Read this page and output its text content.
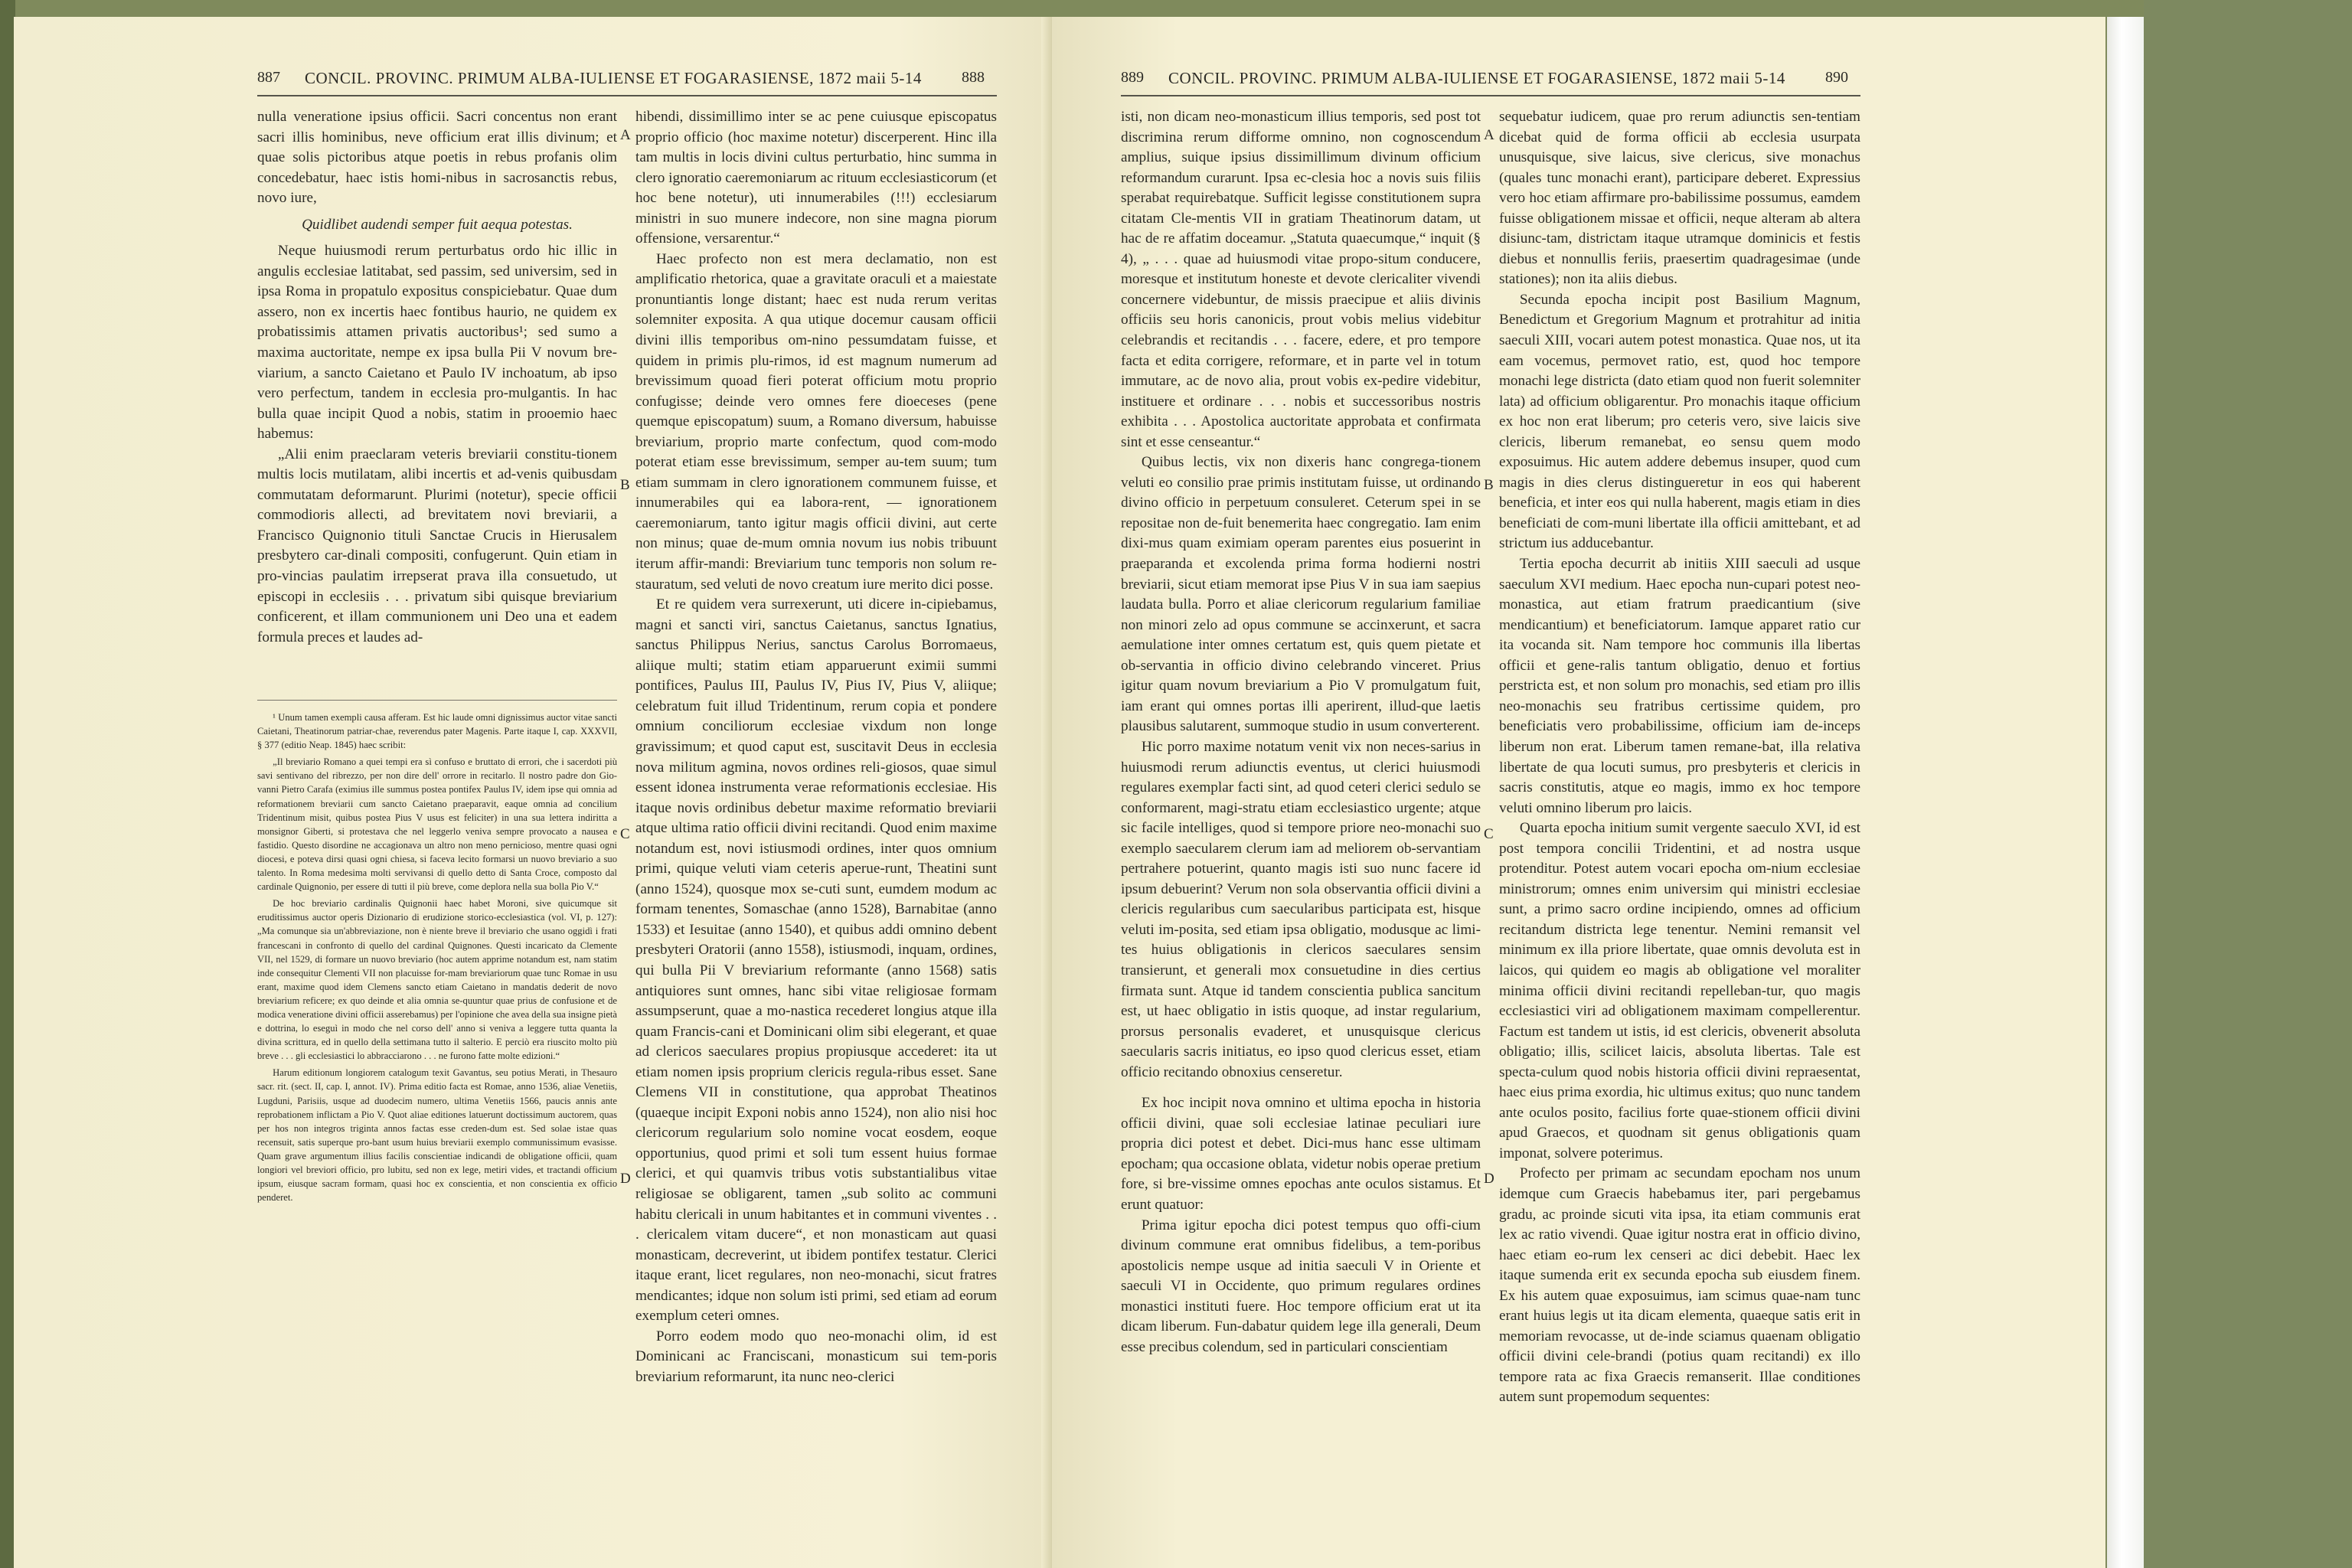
887 CONCIL. PROVINC. PRIMUM ALBA-IULIENSE ET FOGARASIENSE, 1872 maii 5-14	888

nulla veneratione ipsius officii. Sacri concentus non erant sacri illis hominibus, neve officium erat illis divinum; et quae solis pictoribus atque poetis in rebus profanis olim concedebatur, haec istis homi-nibus in sacrosanctis rebus, novo iure,

Quidlibet audendi semper fuit aequa potestas.

Neque huiusmodi rerum perturbatus ordo hic illic in angulis ecclesiae latitabat, sed passim, sed universim, sed in ipsa Roma in propatulo expositus conspiciebatur. Quae dum assero, non ex incertis haec fontibus haurio, ne quidem ex probatissimis attamen privatis auctoribus¹; sed sumo a maxima auctoritate, nempe ex ipsa bulla Pii V novum bre-viarium, a sancto Caietano et Paulo IV inchoatum, ab ipso vero perfectum, tandem in ecclesia pro-mulgantis. In hac bulla quae incipit Quod a nobis, statim in prooemio haec habemus:

„Alii enim praeclaram veteris breviarii constitu-tionem multis locis mutilatam, alibi incertis et ad-venis quibusdam commutatam deformarunt. Plurimi (notetur), specie officii commodioris allecti, ad brevitatem novi breviarii, a Francisco Quignonio tituli Sanctae Crucis in Hierusalem presbytero car-dinali compositi, confugerunt. Quin etiam in pro-vincias paulatim irrepserat prava illa consuetudo, ut episcopi in ecclesiis . . . privatum sibi quisque breviarium conficerent, et illam communionem uni Deo una et eadem formula preces et laudes ad-

¹ Unum tamen exempli causa afferam. Est hic laude omni dignissimus auctor vitae sancti Caietani, Theatinorum patriar-chae, reverendus pater Magenis. Parte itaque I, cap. XXXVII, § 377 (editio Neap. 1845) haec scribit:

„Il breviario Romano a quei tempi era sì confuso e bruttato di errori, che i sacerdoti più savi sentivano del ribrezzo, per non dire dell' orrore in recitarlo. Il nostro padre don Gio-vanni Pietro Carafa (eximius ille summus postea pontifex Paulus IV, idem ipse qui omnia ad reformationem breviarii cum sancto Caietano praeparavit, eaque omnia ad concilium Tridentinum misit, quibus postea Pius V usus est feliciter) in una sua lettera indiritta a monsignor Giberti, si protestava che nel leggerlo veniva sempre provocato a nausea e fastidio. Questo disordine ne accagionava un altro non meno pernicioso, mentre quasi ogni diocesi, e poteva dirsi quasi ogni chiesa, si faceva lecito formarsi un nuovo breviario a suo talento. In Roma medesima molti servivansi di quello detto di Santa Croce, composto dal cardinale Quignonio, per essere di tutti il più breve, come deplora nella sua bolla Pio V.“

De hoc breviario cardinalis Quignonii haec habet Moroni, sive quicumque sit eruditissimus auctor operis Dizionario di erudizione storico-ecclesiastica (vol. VI, p. 127): „Ma comunque sia un'abbreviazione, non è niente breve il breviario che usano oggidì i frati francescani in confronto di quello del cardinal Quignones. Questi incaricato da Clemente VII, nel 1529, di formare un nuovo breviario (hoc autem apprime notandum est, nam statim inde consequitur Clementi VII non placuisse for-mam breviariorum quae tunc Romae in usu erant, maxime quod idem Clemens sancto etiam Caietano in mandatis dederit de novo breviarium reficere; ex quo deinde et alia omnia se-quuntur quae prius de confusione et de modica veneratione divini officii asserebamus) per l'opinione che avea della sua insigne pietà e dottrina, lo eseguì in modo che nel corso dell' anno si veniva a leggere tutta quanta la divina scrittura, ed in quello della settimana tutto il salterio. E perciò era riuscito molto più breve . . . gli ecclesiastici lo abbracciarono . . . ne furono fatte molte edizioni.“

Harum editionum longiorem catalogum texit Gavantus, seu potius Merati, in Thesauro sacr. rit. (sect. II, cap. I, annot. IV). Prima editio facta est Romae, anno 1536, aliae Venetiis, Lugduni, Parisiis, usque ad duodecim numero, ultima Venetiis 1566, paucis annis ante reprobationem inflictam a Pio V. Quot aliae editiones latuerunt doctissimum auctorem, quas per hos non integros triginta annos factas esse creden-dum est. Sed solae istae quas recensuit, satis superque pro-bant usum huius breviarii exemplo communissimum evasisse. Quam grave argumentum illius facilis conscientiae indicandi de obligatione officii, quam longiori vel breviori officio, pro lubitu, sed non ex lege, metiri vides, et tractandi officium ipsum, eiusque sacram formam, quasi hoc ex conscientia, et non conscientia ex officio penderet.

A
B
C
D

hibendi, dissimillimo inter se ac pene cuiusque episcopatus proprio officio (hoc maxime notetur) discerperent. Hinc illa tam multis in locis divini cultus perturbatio, hinc summa in clero ignoratio caeremoniarum ac rituum ecclesiasticorum (et hoc bene notetur), uti innumerabiles (!!!) ecclesiarum ministri in suo munere indecore, non sine magna piorum offensione, versarentur.“

Haec profecto non est mera declamatio, non est amplificatio rhetorica, quae a gravitate oraculi et a maiestate pronuntiantis longe distant; haec est nuda rerum veritas solemniter exposita. A qua utique docemur causam officii divini illis temporibus om-nino pessumdatam fuisse, et quidem in primis plu-rimos, id est magnum numerum ad brevissimum quoad fieri poterat officium motu proprio confugisse; deinde vero omnes fere dioeceses (pene quemque episcopatum) suum, a Romano diversum, habuisse breviarium, proprio marte confectum, quod com-modo poterat etiam esse brevissimum, semper au-tem suum; tum etiam summam in clero ignorationem communem fuisse, et innumerabiles qui ea labora-rent, — ignorationem caeremoniarum, tanto igitur magis officii divini, aut certe non minus; quae de-mum omnia novum ius nobis tribuunt iterum affir-mandi: Breviarium tunc temporis non solum re-stauratum, sed veluti de novo creatum iure merito dici posse.

Et re quidem vera surrexerunt, uti dicere in-cipiebamus, magni et sancti viri, sanctus Caietanus, sanctus Ignatius, sanctus Philippus Nerius, sanctus Carolus Borromaeus, aliique multi; statim etiam apparuerunt eximii summi pontifices, Paulus III, Paulus IV, Pius IV, Pius V, aliique; celebratum fuit illud Tridentinum, rerum copia et pondere omnium conciliorum ecclesiae vixdum non longe gravissimum; et quod caput est, suscitavit Deus in ecclesia nova militum agmina, novos ordines reli-giosos, quae simul essent idonea instrumenta verae reformationis ecclesiae. His itaque novis ordinibus debetur maxime reformatio breviarii atque ultima ratio officii divini recitandi. Quod enim maxime notandum est, novi istiusmodi ordines, inter quos omnium primi, quique veluti viam ceteris aperue-runt, Theatini sunt (anno 1524), quosque mox se-cuti sunt, eumdem modum ac formam tenentes, Somaschae (anno 1528), Barnabitae (anno 1533) et Iesuitae (anno 1540), et quibus addi omnino debent presbyteri Oratorii (anno 1558), istiusmodi, inquam, ordines, qui bulla Pii V breviarium reformante (anno 1568) satis antiquiores sunt omnes, hanc sibi vitae religiosae formam assumpserunt, quae a mo-nastica recederet longius atque illa quam Francis-cani et Dominicani olim sibi elegerant, et quae ad clericos saeculares propius propiusque accederet: ita ut etiam nomen ipsis proprium clericis regula-ribus esset. Sane Clemens VII in constitutione, qua approbat Theatinos (quaeque incipit Exponi nobis anno 1524), non alio nisi hoc clericorum regularium solo nomine vocat eosdem, eoque opportunius, quod primi et soli tum essent huius formae clerici, et qui quamvis tribus votis substantialibus vitae religiosae se obligarent, tamen „sub solito ac communi habitu clericali in unum habitantes et in communi viventes . . . clericalem vitam ducere“, et non monasticam aut quasi monasticam, decreverint, ut ibidem pontifex testatur. Clerici itaque erant, licet regulares, non neo-monachi, sicut fratres mendicantes; idque non solum isti primi, sed etiam ad eorum exemplum ceteri omnes.

Porro eodem modo quo neo-monachi olim, id est Dominicani ac Franciscani, monasticum sui tem-poris breviarium reformarunt, ita nunc neo-clerici

889 CONCIL. PROVINC. PRIMUM ALBA-IULIENSE ET FOGARASIENSE, 1872 maii 5-14	890

isti, non dicam neo-monasticum illius temporis, sed post tot discrimina rerum difforme omnino, non cognoscendum amplius, suique ipsius dissimillimum divinum officium reformandum curarunt. Ipsa ec-clesia hoc a novis suis filiis sperabat requirebatque. Sufficit legisse constitutionem supra citatam Cle-mentis VII in gratiam Theatinorum datam, ut hac de re affatim doceamur. „Statuta quaecumque,“ inquit (§ 4), „ . . . quae ad huiusmodi vitae propo-situm conducere, moresque et institutum honeste et devote clericaliter vivendi concernere videbuntur, de missis praecipue et aliis divinis officiis seu horis canonicis, prout vobis melius videbitur celebrandis et recitandis . . . facere, edere, et pro tempore facta et edita corrigere, reformare, et in parte vel in totum immutare, ac de novo alia, prout vobis ex-pedire videbitur, instituere et ordinare . . . nobis et successoribus nostris exhibita . . . Apostolica auctoritate approbata et confirmata sint et esse censeantur.“

Quibus lectis, vix non dixeris hanc congrega-tionem veluti eo consilio prae primis institutam fuisse, ut ordinando divino officio in perpetuum consuleret. Ceterum spei in se repositae non de-fuit benemerita haec congregatio. Iam enim dixi-mus quam eximiam operam parentes eius posuerint in praeparanda et excolenda prima forma hodierni nostri breviarii, sicut etiam memorat ipse Pius V in sua iam saepius laudata bulla. Porro et aliae clericorum regularium familiae non minori zelo ad opus commune se accinxerunt, et sacra aemulatione inter omnes certatum est, quis quem pietate et ob-servantia in officio divino celebrando vinceret. Prius igitur quam novum breviarium a Pio V promulgatum fuit, iam erant qui omnes portas illi aperirent, illud-que laetis plausibus salutarent, summoque studio in usum converterent.

Hic porro maxime notatum venit vix non neces-sarius in huiusmodi rerum adiunctis eventus, ut clerici huiusmodi regulares exemplar facti sint, ad quod ceteri clerici sedulo se conformarent, magi-stratu etiam ecclesiastico urgente; atque sic facile intelliges, quod si tempore priore neo-monachi suo exemplo saecularem clerum iam ad meliorem ob-servantiam pertrahere potuerint, quanto magis isti suo nunc facere id ipsum debuerint? Verum non sola observantia officii divini a clericis regularibus cum saecularibus participata est, hisque veluti im-posita, sed etiam ipsa obligatio, modusque ac limi-tes huius obligationis in clericos saeculares sensim transierunt, et generali mox consuetudine in dies certius firmata sunt. Atque id tandem conscientia publica sancitum est, ut haec obligatio in istis quoque, ad instar regularium, prorsus personalis evaderet, et unusquisque clericus saecularis sacris initiatus, eo ipso quod clericus esset, etiam officio recitando obnoxius censeretur.

Ex hoc incipit nova omnino et ultima epocha in historia officii divini, quae soli ecclesiae latinae peculiari iure propria dici potest et debet. Dici-mus hanc esse ultimam epocham; qua occasione oblata, videtur nobis operae pretium fore, si bre-vissime omnes epochas ante oculos sistamus. Et erunt quatuor:

Prima igitur epocha dici potest tempus quo offi-cium divinum commune erat omnibus fidelibus, a tem-poribus apostolicis nempe usque ad initia saeculi V in Oriente et saeculi VI in Occidente, quo primum regulares ordines monastici instituti fuere. Hoc tempore officium erat ut ita dicam liberum. Fun-dabatur quidem lege illa generali, Deum esse precibus colendum, sed in particulari conscientiam

A
B
C
D

sequebatur iudicem, quae pro rerum adiunctis sen-tentiam dicebat quid de forma officii ab ecclesia usurpata unusquisque, sive laicus, sive clericus, sive monachus (quales tunc monachi erant), participare deberet. Expressius vero hoc etiam affirmare pro-babilissime possumus, eamdem fuisse obligationem missae et officii, neque alteram ab altera disiunc-tam, districtam itaque utramque dominicis et festis diebus et nonnullis feriis, praesertim quadragesimae (unde stationes); non ita aliis diebus.

Secunda epocha incipit post Basilium Magnum, Benedictum et Gregorium Magnum et protrahitur ad initia saeculi XIII, vocari autem potest monastica. Quae nos, ut ita eam vocemus, permovet ratio, est, quod hoc tempore monachi lege districta (dato etiam quod non fuerit solemniter lata) ad officium obligarentur. Pro monachis itaque officium ex hoc non erat liberum; pro ceteris vero, sive laicis sive clericis, liberum remanebat, eo sensu quem modo exposuimus. Hic autem addere debemus insuper, quod cum magis in dies clerus distingueretur in eos qui haberent beneficia, et inter eos qui nulla haberent, magis etiam in dies beneficiati de com-muni libertate illa officii amittebant, et ad strictum ius adducebantur.

Tertia epocha decurrit ab initiis XIII saeculi ad usque saeculum XVI medium. Haec epocha nun-cupari potest neo-monastica, aut etiam fratrum praedicantium (sive mendicantium) et beneficiatorum. Iamque apparet ratio cur ita vocanda sit. Nam tempore hoc communis illa libertas officii et gene-ralis tantum obligatio, denuo et fortius perstricta est, et non solum pro monachis, sed etiam pro illis neo-monachis seu fratribus certissime quidem, pro beneficiatis vero probabilissime, officium iam de-inceps liberum non erat. Liberum tamen remane-bat, illa relativa libertate de qua locuti sumus, pro presbyteris et clericis in sacris constitutis, atque eo magis, immo ex hoc tempore veluti omnino liberum pro laicis.

Quarta epocha initium sumit vergente saeculo XVI, id est post tempora concilii Tridentini, et ad nostra usque protenditur. Potest autem vocari epocha om-nium ecclesiae ministrorum; omnes enim universim qui ministri ecclesiae sunt, a primo sacro ordine incipiendo, omnes ad officium recitandum districta lege tenentur. Nemini remansit vel minimum ex illa priore libertate, quae omnis devoluta est in laicos, qui quidem eo magis ab obligatione vel moraliter minima officii divini recitandi repelleban-tur, quo magis ecclesiastici viri ad obligationem maximam compellerentur. Factum est tandem ut istis, id est clericis, obvenerit absoluta obligatio; illis, scilicet laicis, absoluta libertas. Tale est specta-culum quod nobis historia officii divini repraesentat, haec eius prima exordia, hic ultimus exitus; quo nunc tandem ante oculos posito, facilius forte quae-stionem officii divini apud Graecos, et quodnam sit genus obligationis quam imponat, solvere poterimus.

Profecto per primam ac secundam epocham nos unum idemque cum Graecis habebamus iter, pari pergebamus gradu, ac proinde sicuti vita ipsa, ita etiam communis erat lex ac ratio vivendi. Quae igitur nostra erat in officio divino, haec etiam eo-rum lex censeri ac dici debebit. Haec lex itaque sumenda erit ex secunda epocha sub eiusdem finem. Ex his autem quae exposuimus, iam scimus quae-nam tunc erant huius legis ut ita dicam elementa, quaeque satis erit in memoriam revocasse, ut de-inde sciamus quaenam obligatio officii divini cele-brandi (potius quam recitandi) ex illo tempore rata ac fixa Graecis remanserit. Illae conditiones autem sunt propemodum sequentes:
